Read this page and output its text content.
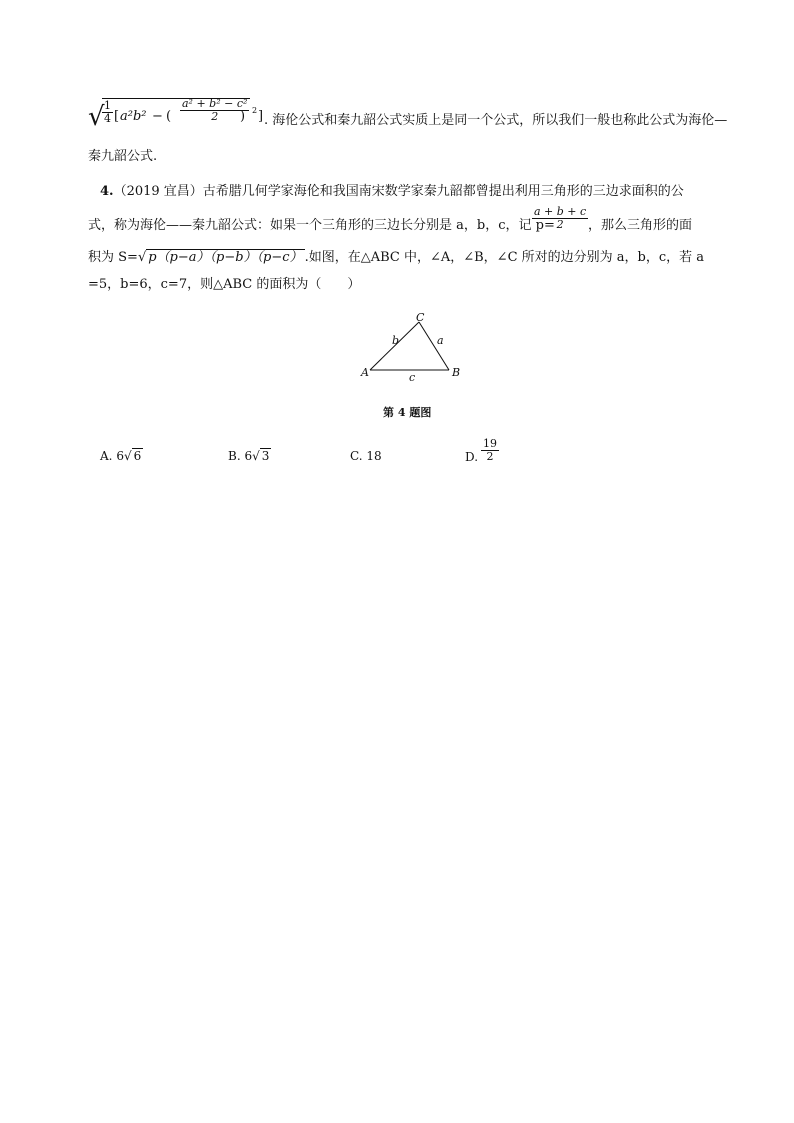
√
$\frac{1}{4}$ [ a²b² − ( $\frac{\text{a² + b² − c²}}{2}$
) 2 ] . 海伦公式和秦九韶公式实质上是同一个公式，所以我们一般也称此公式为海伦—
秦九韶公式.
4.（2019 宜昌）古希腊几何学家海伦和我国南宋数学家秦九韶都曾提出利用三角形的三边求面积的公
式，称为海伦——秦九韶公式：如果一个三角形的三边长分别是 a，b，c，记 p=
$\frac{a + b + c}{2}$ ，那么三角形的面
积为 S=√ p（p−a）（p−b）（p−c） .如图，在△ABC 中，∠A，∠B，∠C 所对的边分别为 a，b，c，若 a
=5，b=6，c=7，则△ABC 的面积为（　　）
A	B
C
a
b
c
第 4 题图
A. 6√ 6	B. 6√ 3	C. 18	D. $\frac{19}{2}$
